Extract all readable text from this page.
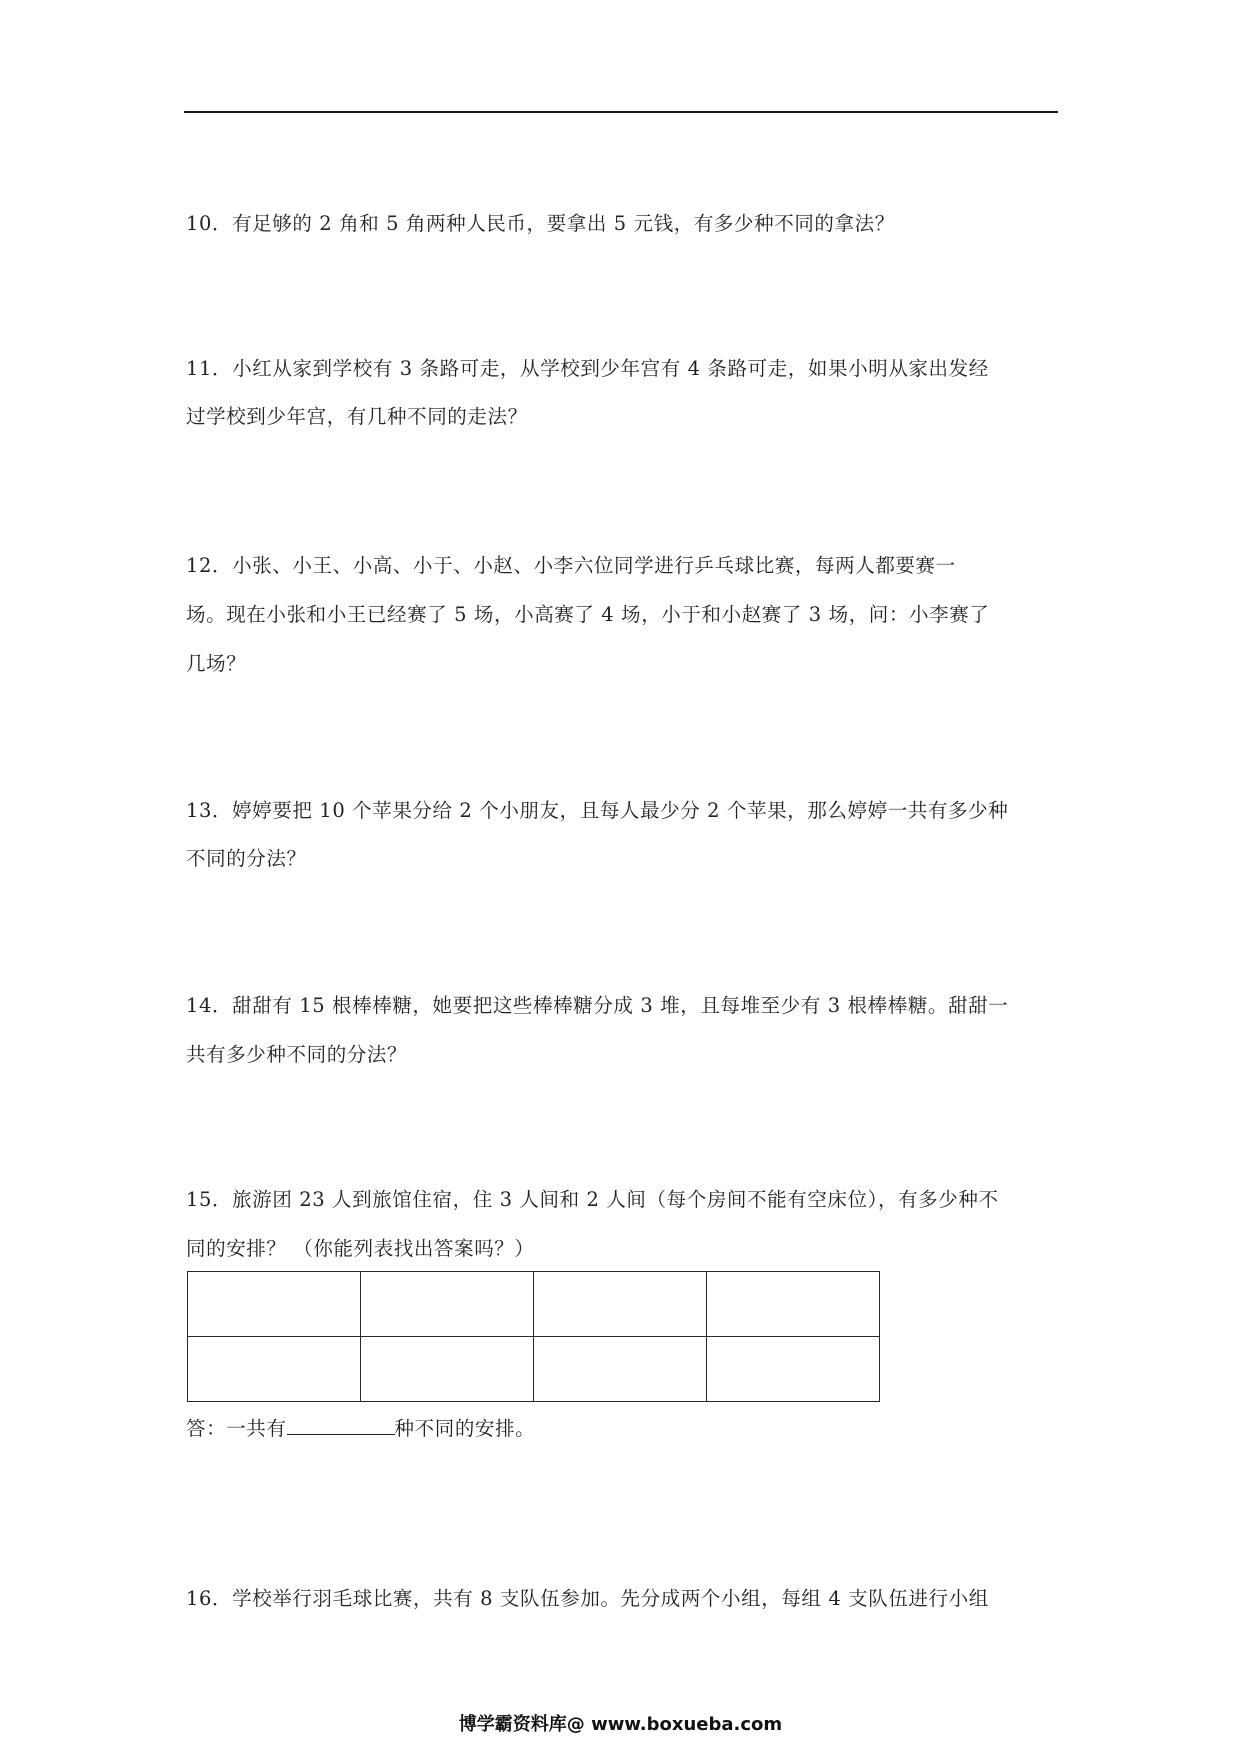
10．有足够的 2 角和 5 角两种人民币，要拿出 5 元钱，有多少种不同的拿法？
11．小红从家到学校有 3 条路可走，从学校到少年宫有 4 条路可走，如果小明从家出发经
过学校到少年宫，有几种不同的走法？
12．小张、小王、小高、小于、小赵、小李六位同学进行乒乓球比赛，每两人都要赛一
场。现在小张和小王已经赛了 5 场，小高赛了 4 场，小于和小赵赛了 3 场，问：小李赛了
几场？
13．婷婷要把 10 个苹果分给 2 个小朋友，且每人最少分 2 个苹果，那么婷婷一共有多少种
不同的分法？
14．甜甜有 15 根棒棒糖，她要把这些棒棒糖分成 3 堆，且每堆至少有 3 根棒棒糖。甜甜一
共有多少种不同的分法？
15．旅游团 23 人到旅馆住宿，住 3 人间和 2 人间（每个房间不能有空床位），有多少种不
同的安排？ （你能列表找出答案吗？）

答：一共有	种不同的安排。
16．学校举行羽毛球比赛，共有 8 支队伍参加。先分成两个小组，每组 4 支队伍进行小组
博学霸资料库@ www.boxueba.com
